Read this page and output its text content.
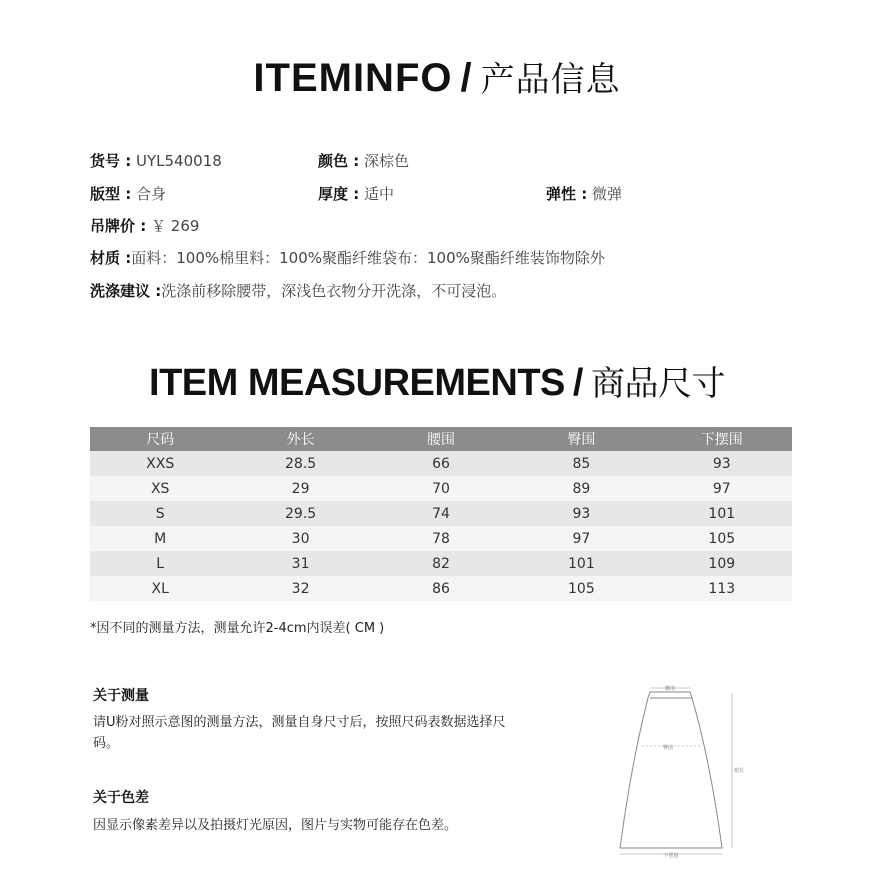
ITEMINFO / 产品信息
货号 : UYL540018	颜色 : 深棕色
版型 : 合身	厚度 : 适中	弹性 : 微弹
吊牌价 : ￥ 269
材质 :面料：100%棉里料：100%聚酯纤维袋布：100%聚酯纤维装饰物除外
洗涤建议 :洗涤前移除腰带，深浅色衣物分开洗涤，不可浸泡。
ITEM MEASUREMENTS / 商品尺寸
尺码	外长	腰围	臀围	下摆围
XXS	28.5	66	85	93
XS	29	70	89	97
S	29.5	74	93	101
M	30	78	97	105
L	31	82	101	109
XL	32	86	105	113
*因不同的测量方法，测量允许2-4cm内误差( CM )
关于测量
请U粉对照示意图的测量方法，测量自身尺寸后，按照尺码表数据选择尺码。
关于色差
因显示像素差异以及拍摄灯光原因，图片与实物可能存在色差。
腰围
臀围
裙长
下摆围
